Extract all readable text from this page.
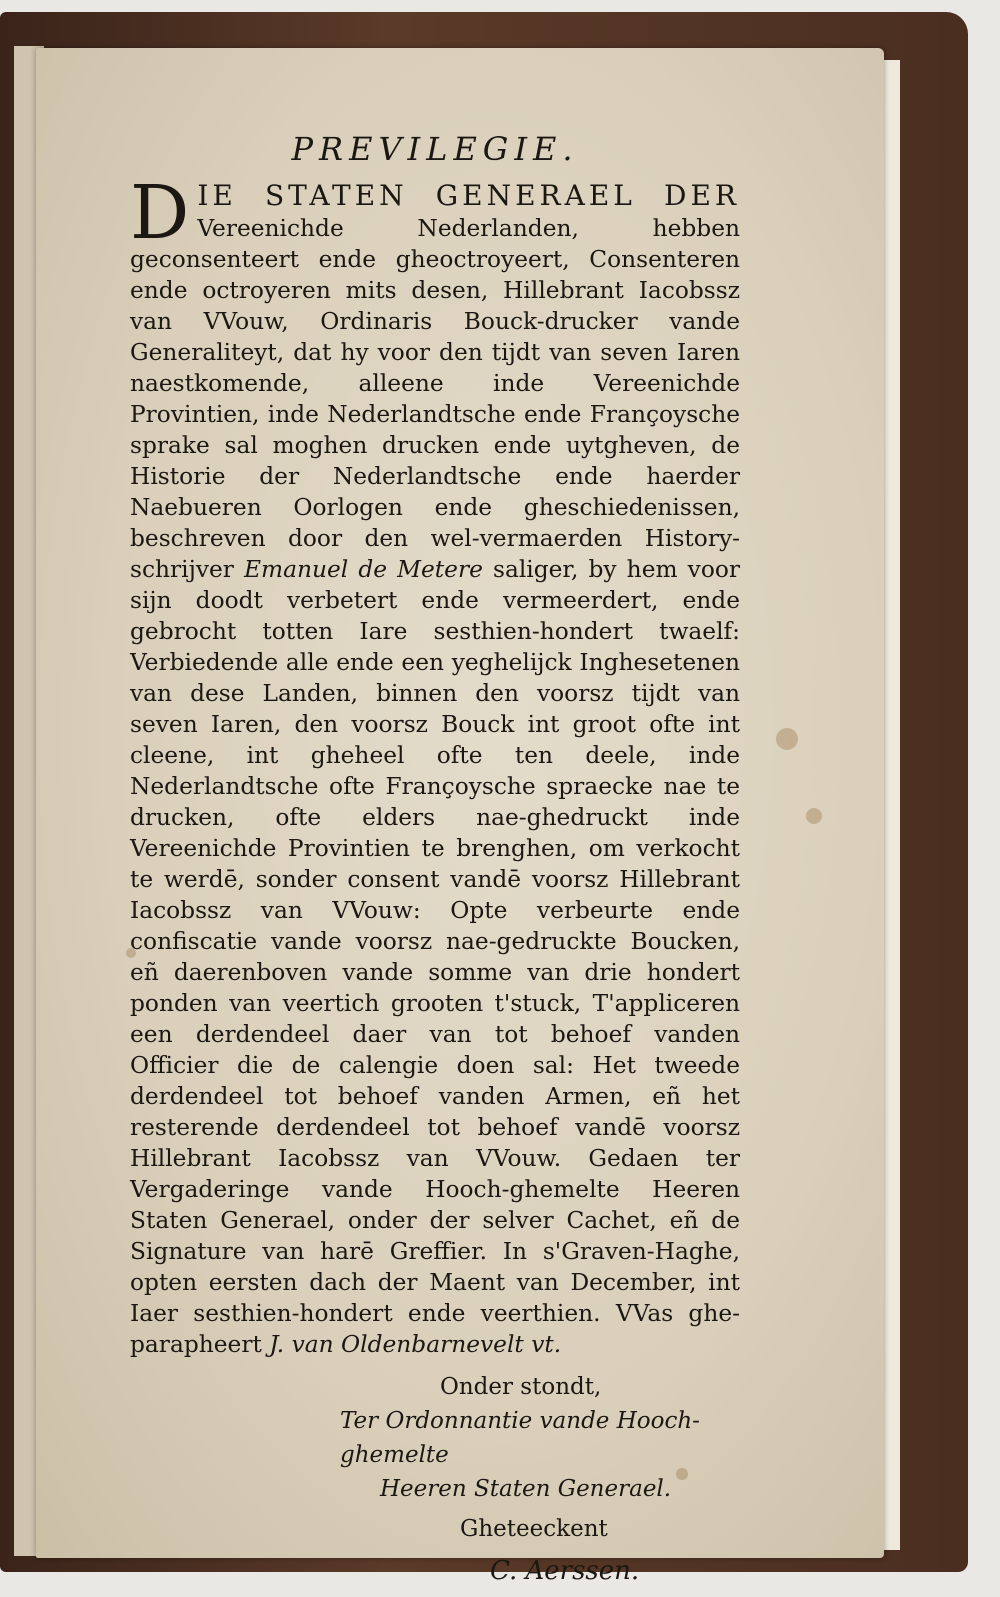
PREVILEGIE.

DIE STATEN GENERAEL DER Vereenichde Nederlanden, hebben geconsenteert ende gheoctroyeert, Consenteren ende octroyeren mits desen, Hillebrant Iacobssz van VVouw, Ordinaris Bouck-drucker vande Generaliteyt, dat hy voor den tijdt van seven Iaren naestkomende, alleene inde Vereenichde Provintien, inde Nederlandtsche ende Françoysche sprake sal moghen drucken ende uytgheven, de Historie der Nederlandtsche ende haerder Naebueren Oorlogen ende gheschiedenissen, beschreven door den wel-vermaerden History-schrijver Emanuel de Metere saliger, by hem voor sijn doodt verbetert ende vermeerdert, ende gebrocht totten Iare sesthien-hondert twaelf: Verbiedende alle ende een yeghelijck Inghesetenen van dese Landen, binnen den voorsz tijdt van seven Iaren, den voorsz Bouck int groot ofte int cleene, int gheheel ofte ten deele, inde Nederlandtsche ofte Françoysche spraecke nae te drucken, ofte elders nae-ghedruckt inde Vereenichde Provintien te brenghen, om verkocht te werdē, sonder consent vandē voorsz Hillebrant Iacobssz van VVouw: Opte verbeurte ende confiscatie vande voorsz nae-gedruckte Boucken, eñ daerenboven vande somme van drie hondert ponden van veertich grooten t'stuck, T'appliceren een derdendeel daer van tot behoef vanden Officier die de calengie doen sal: Het tweede derdendeel tot behoef vanden Armen, eñ het resterende derdendeel tot behoef vandē voorsz Hillebrant Iacobssz van VVouw. Gedaen ter Vergaderinge vande Hooch-ghemelte Heeren Staten Generael, onder der selver Cachet, eñ de Signature van harē Greffier. In s'Graven-Haghe, opten eersten dach der Maent van December, int Iaer sesthien-hondert ende veerthien. VVas ghe-parapheert J. van Oldenbarnevelt vt.

Onder stondt,
Ter Ordonnantie vande Hooch-ghemelte
Heeren Staten Generael.
Gheteeckent
C. Aerssen.
